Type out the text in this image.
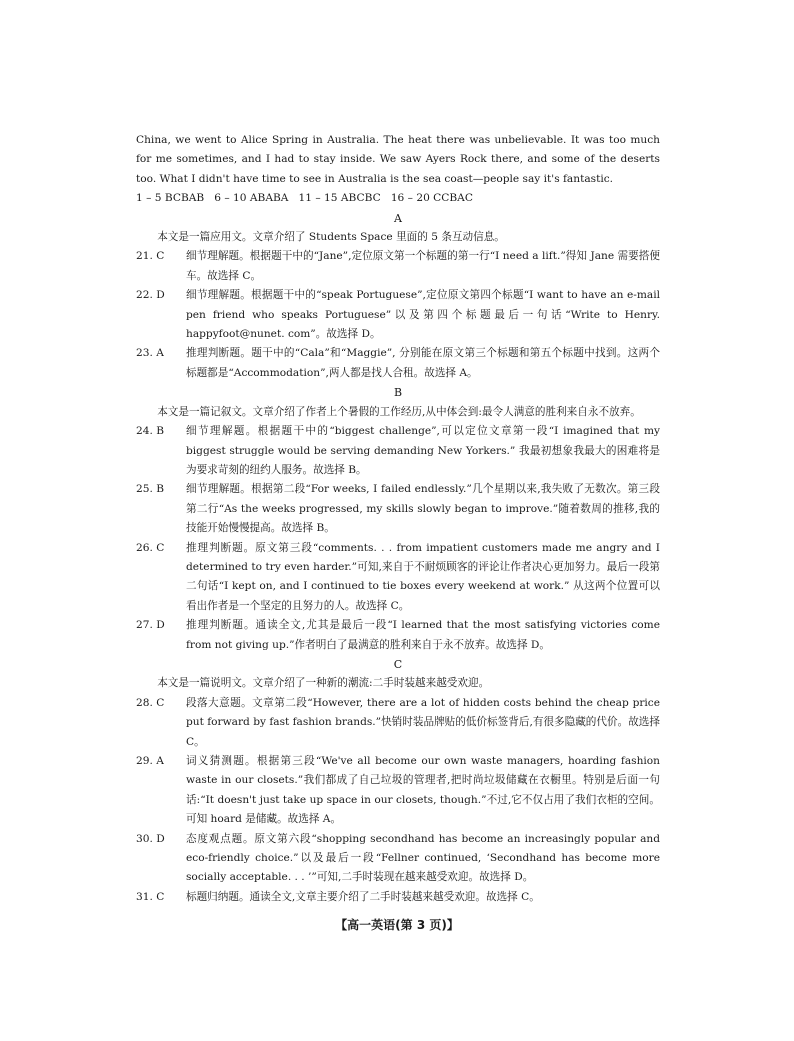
China, we went to Alice Spring in Australia. The heat there was unbelievable. It was too much for me sometimes, and I had to stay inside. We saw Ayers Rock there, and some of the deserts too. What I didn't have time to see in Australia is the sea coast—people say it's fantastic.

1 – 5 BCBAB   6 – 10 ABABA   11 – 15 ABCBC   16 – 20 CCBAC

A

本文是一篇应用文。文章介绍了 Students Space 里面的 5 条互动信息。

21. C	细节理解题。根据题干中的“Jane”,定位原文第一个标题的第一行“I need a lift.”得知 Jane 需要搭便车。故选择 C。
22. D	细节理解题。根据题干中的“speak Portuguese”,定位原文第四个标题“I want to have an e-mail pen friend who speaks Portuguese”以及第四个标题最后一句话“Write to Henry. happyfoot@nunet. com”。故选择 D。
23. A	推理判断题。题干中的“Cala”和“Maggie”, 分别能在原文第三个标题和第五个标题中找到。这两个标题都是“Accommodation”,两人都是找人合租。故选择 A。

B

本文是一篇记叙文。文章介绍了作者上个暑假的工作经历,从中体会到:最令人满意的胜利来自永不放弃。

24. B	细节理解题。根据题干中的“biggest challenge”,可以定位文章第一段“I imagined that my biggest struggle would be serving demanding New Yorkers.” 我最初想象我最大的困难将是为要求苛刻的纽约人服务。故选择 B。
25. B	细节理解题。根据第二段“For weeks, I failed endlessly.”几个星期以来,我失败了无数次。第三段第二行“As the weeks progressed, my skills slowly began to improve.”随着数周的推移,我的技能开始慢慢提高。故选择 B。
26. C	推理判断题。原文第三段“comments. . . from impatient customers made me angry and I determined to try even harder.”可知,来自于不耐烦顾客的评论让作者决心更加努力。最后一段第二句话“I kept on, and I continued to tie boxes every weekend at work.” 从这两个位置可以看出作者是一个坚定的且努力的人。故选择 C。
27. D	推理判断题。通读全文,尤其是最后一段“I learned that the most satisfying victories come from not giving up.”作者明白了最满意的胜利来自于永不放弃。故选择 D。

C

本文是一篇说明文。文章介绍了一种新的潮流:二手时装越来越受欢迎。

28. C	段落大意题。文章第二段“However, there are a lot of hidden costs behind the cheap price put forward by fast fashion brands.”快销时装品牌贴的低价标签背后,有很多隐藏的代价。故选择 C。
29. A	词义猜测题。根据第三段“We've all become our own waste managers, hoarding fashion waste in our closets.”我们都成了自己垃圾的管理者,把时尚垃圾储藏在衣橱里。特别是后面一句话:“It doesn't just take up space in our closets, though.”不过,它不仅占用了我们衣柜的空间。可知 hoard 是储藏。故选择 A。
30. D	态度观点题。原文第六段“shopping secondhand has become an increasingly popular and eco-friendly choice.”以及最后一段“Fellner continued, ‘Secondhand has become more socially acceptable. . . ’”可知,二手时装现在越来越受欢迎。故选择 D。
31. C	标题归纳题。通读全文,文章主要介绍了二手时装越来越受欢迎。故选择 C。
【高一英语(第 3 页)】
